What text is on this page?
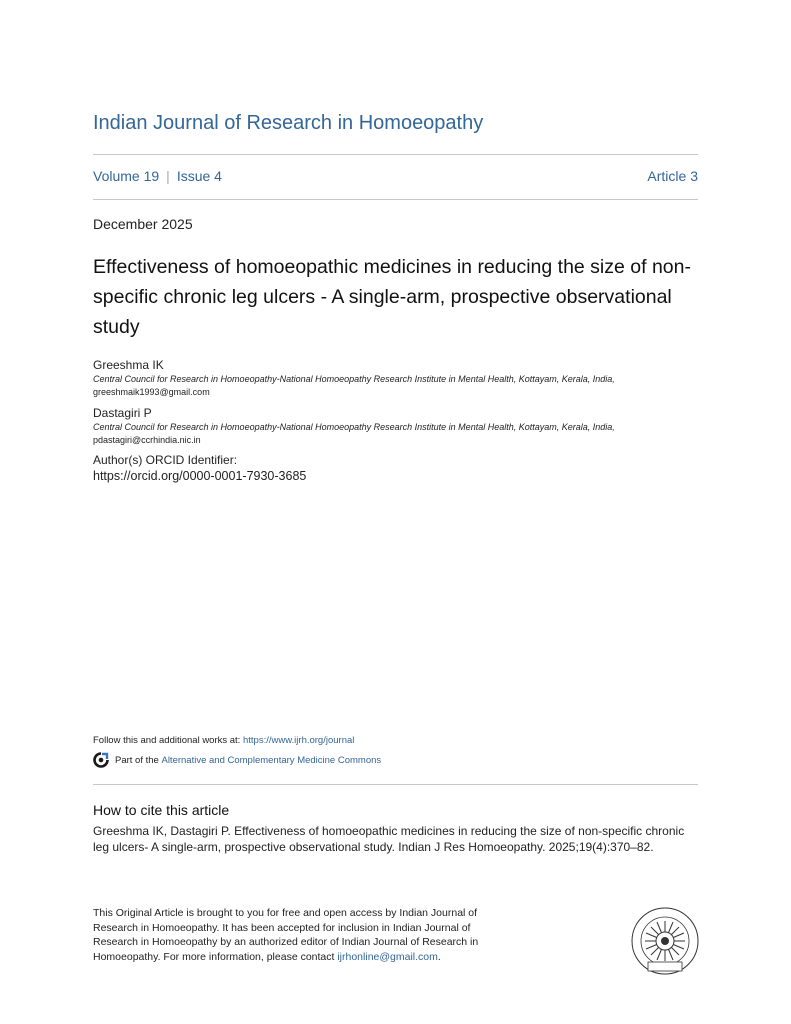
Indian Journal of Research in Homoeopathy
Volume 19 | Issue 4	Article 3
December 2025
Effectiveness of homoeopathic medicines in reducing the size of non-specific chronic leg ulcers - A single-arm, prospective observational study
Greeshma IK
Central Council for Research in Homoeopathy-National Homoeopathy Research Institute in Mental Health, Kottayam, Kerala, India,
greeshmaik1993@gmail.com
Dastagiri P
Central Council for Research in Homoeopathy-National Homoeopathy Research Institute in Mental Health, Kottayam, Kerala, India,
pdastagiri@ccrhindia.nic.in
Author(s) ORCID Identifier:
https://orcid.org/0000-0001-7930-3685
Follow this and additional works at: https://www.ijrh.org/journal
Part of the
Alternative and Complementary Medicine Commons
How to cite this article
Greeshma IK, Dastagiri P. Effectiveness of homoeopathic medicines in reducing the size of non-specific chronic leg ulcers- A single-arm, prospective observational study. Indian J Res Homoeopathy. 2025;19(4):370–82.
This Original Article is brought to you for free and open access by Indian Journal of Research in Homoeopathy. It has been accepted for inclusion in Indian Journal of Research in Homoeopathy by an authorized editor of Indian Journal of Research in Homoeopathy. For more information, please contact ijrhonline@gmail.com.
